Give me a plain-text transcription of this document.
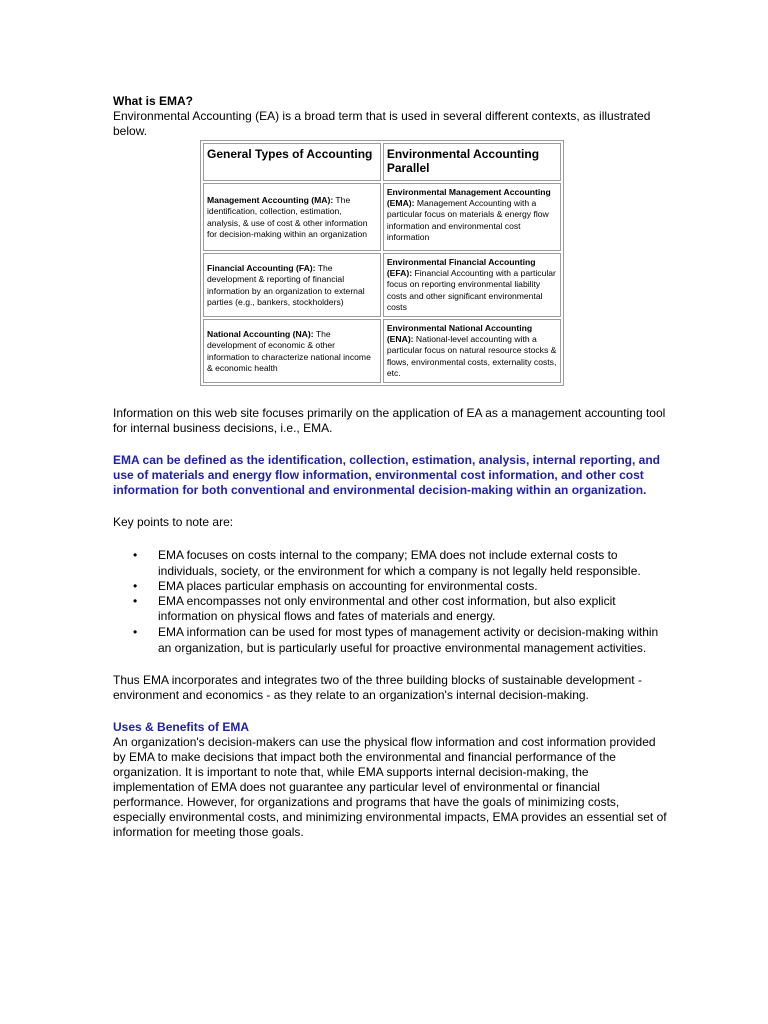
What is EMA?

Environmental Accounting (EA) is a broad term that is used in several different contexts, as illustrated below.

General Types of Accounting	Environmental Accounting Parallel
Management Accounting (MA): The identification, collection, estimation, analysis, & use of cost & other information for decision-making within an organization	Environmental Management Accounting (EMA): Management Accounting with a particular focus on materials & energy flow information and environmental cost information
Financial Accounting (FA): The development & reporting of financial information by an organization to external parties (e.g., bankers, stockholders)	Environmental Financial Accounting (EFA): Financial Accounting with a particular focus on reporting environmental liability costs and other significant environmental costs
National Accounting (NA): The development of economic & other information to characterize national income & economic health	Environmental National Accounting (ENA): National-level accounting with a particular focus on natural resource stocks & flows, environmental costs, externality costs, etc.

Information on this web site focuses primarily on the application of EA as a management accounting tool for internal business decisions, i.e., EMA.

EMA can be defined as the identification, collection, estimation, analysis, internal reporting, and use of materials and energy flow information, environmental cost information, and other cost information for both conventional and environmental decision-making within an organization.

Key points to note are:

• EMA focuses on costs internal to the company; EMA does not include external costs to individuals, society, or the environment for which a company is not legally held responsible.
• EMA places particular emphasis on accounting for environmental costs.
• EMA encompasses not only environmental and other cost information, but also explicit information on physical flows and fates of materials and energy.
• EMA information can be used for most types of management activity or decision-making within an organization, but is particularly useful for proactive environmental management activities.

Thus EMA incorporates and integrates two of the three building blocks of sustainable development - environment and economics - as they relate to an organization's internal decision-making.

Uses & Benefits of EMA

An organization's decision-makers can use the physical flow information and cost information provided by EMA to make decisions that impact both the environmental and financial performance of the organization. It is important to note that, while EMA supports internal decision-making, the implementation of EMA does not guarantee any particular level of environmental or financial performance. However, for organizations and programs that have the goals of minimizing costs, especially environmental costs, and minimizing environmental impacts, EMA provides an essential set of information for meeting those goals.
